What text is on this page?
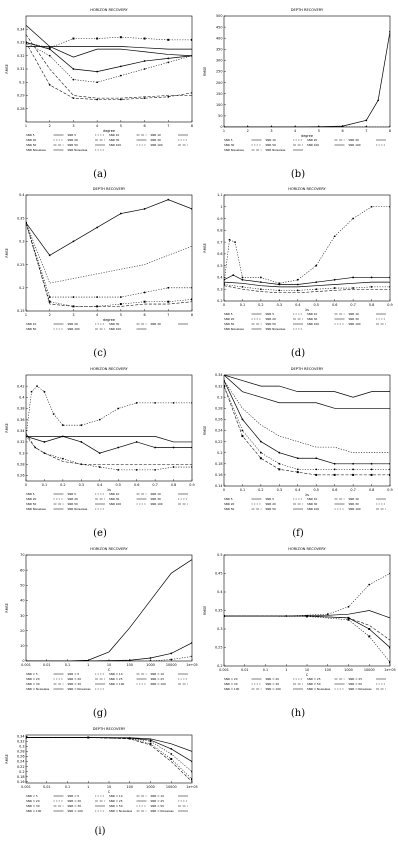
HORIZON RECOVERY
1	2	3	4	5	6	7	8
0.28
0.29
0.3
0.31
0.32
0.33
0.34
degree
RMSE
SNR 5	SNR 5	SNR 10	SNR 10
SNR 20	SNR 20	SNR 30	SNR 30
SNR 50	SNR 50	SNR 100	SNR 100
SNR Noiseless	SNR Noiseless
(a)
DEPTH RECOVERY
1	2	3	4	5	6	7	8
0
50
100
150
200
250
300
350
400
450
500
degree
RMSE
SNR 5	SNR 10	SNR 20	SNR 30
SNR 30	SNR 50	SNR 100	SNR 100
SNR Noiseless	SNR Noiseless
(b)
DEPTH RECOVERY
1	2	3	4	5	6	7	8
0.15
0.2
0.25
0.3
0.35
0.4
degree
RMSE
SNR 10	SNR 20	SNR 30	SNR 30
SNR 50	SNR 100	SNR 100
(c)
HORIZON RECOVERY
0	0.1	0.2	0.3	0.4	0.5	0.6	0.7	0.8	0.9
0.2
0.3
0.4
0.5
0.6
0.7
0.8
0.9
1
1.1
λs
RMSE
SNR 5	SNR 5	SNR 10	SNR 10
SNR 20	SNR 20	SNR 30	SNR 30
SNR 50	SNR 50	SNR 100	SNR 100
SNR Noiseless	SNR Noiseless
(d)
HORIZON RECOVERY
0	0.1	0.2	0.3	0.4	0.5	0.6	0.7	0.8	0.9
0.26
0.28
0.3
0.32
0.34
0.36
0.38
0.4
0.42
λs
RMSE
SNR 5	SNR 5	SNR 10	SNR 10
SNR 20	SNR 20	SNR 30	SNR 30
SNR 50	SNR 50	SNR 100	SNR 100
SNR Noiseless	SNR Noiseless
(e)
DEPTH RECOVERY
0	0.1	0.2	0.3	0.4	0.5	0.6	0.7	0.8	0.9
0.14
0.16
0.18
0.2
0.22
0.24
0.26
0.28
0.3
0.32
0.34
λs
RMSE
SNR 5	SNR 5	SNR 10	SNR 10
SNR 20	SNR 20	SNR 30	SNR 30
SNR 50	SNR 50	SNR 100	SNR 100
(f)
HORIZON RECOVERY
0.001	0.01	0.1	1	10	100	1000	10000	1e+05
0
10
20
30
40
50
60
70
C
RMSE
SNR = 5	SNR = 5	SNR = 10	SNR = 10
SNR = 20	SNR = 20	SNR = 25	SNR = 25
SNR = 30	SNR = 30	SNR = 100	SNR = 100
SNR = Noiseless	SNR = Noiseless
(g)
HORIZON RECOVERY
0.001	0.01	0.1	1	10	100	1000	10000	1e+05
0.2
0.25
0.3
0.35
0.4
0.45
0.5
C
RMSE
SNR = 20	SNR = 20	SNR = 25	SNR = 25
SNR = 30	SNR = 30	SNR = 50	SNR = 50
SNR = 100	SNR = 100	SNR = Noiseless	SNR = Noiseless
(h)
DEPTH RECOVERY
0.001	0.01	0.1	1	10	100	1000	10000	1e+05
0.16
0.18
0.2
0.22
0.24
0.26
0.28
0.3
0.32
0.34
C
RMSE
SNR = 5	SNR = 5	SNR = 10	SNR = 10
SNR = 20	SNR = 20	SNR = 25	SNR = 25
SNR = 30	SNR = 30	SNR = 50	SNR = 50
SNR = 100	SNR = 100	SNR = Noiseless	SNR = Noiseless
(i)
